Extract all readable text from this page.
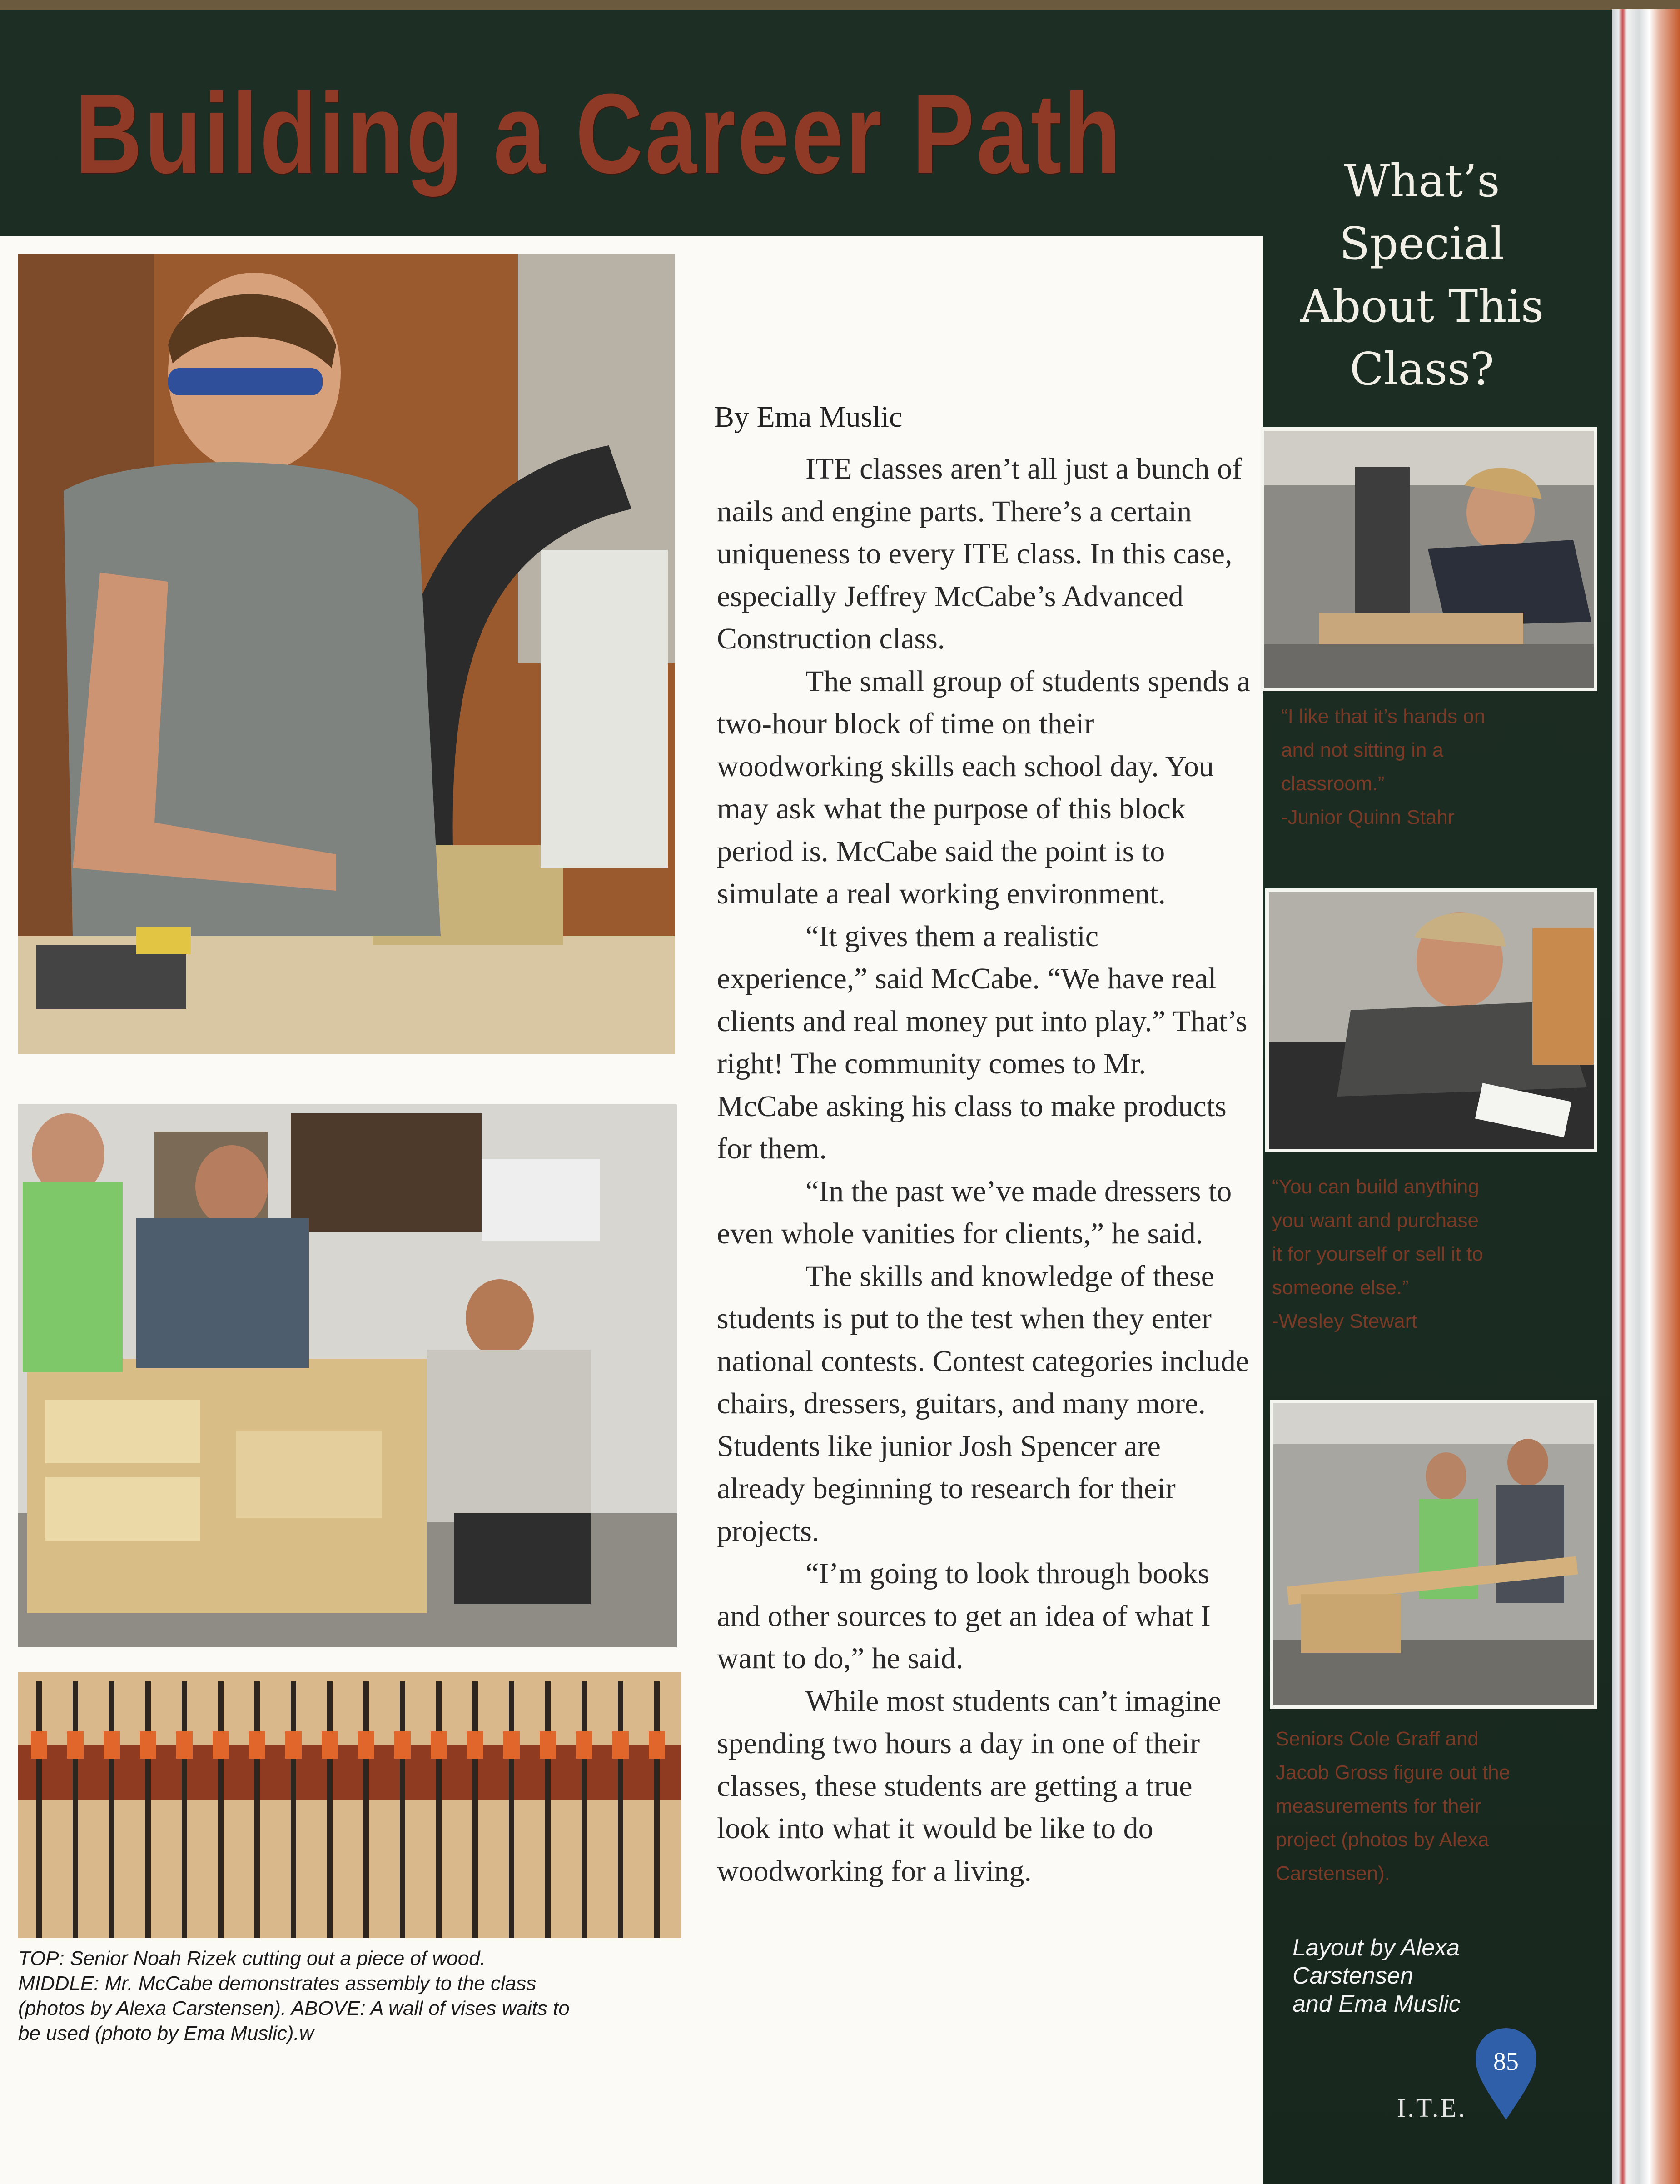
Building a Career Path

TOP: Senior Noah Rizek cutting out a piece of wood.

MIDDLE: Mr. McCabe demonstrates assembly to the class

(photos by Alexa Carstensen). ABOVE: A wall of vises waits to

be used (photo by Ema Muslic).w

By Ema Muslic

ITE classes aren’t all just a bunch of nails and engine parts. There’s a certain uniqueness to every ITE class. In this case, especially Jeffrey McCabe’s Advanced Construction class.

The small group of students spends a two-hour block of time on their woodworking skills each school day. You may ask what the purpose of this block period is. McCabe said the point is to simulate a real working environment.

“It gives them a realistic experience,” said McCabe. “We have real clients and real money put into play.” That’s right! The community comes to Mr. McCabe asking his class to make products for them.

“In the past we’ve made dressers to even whole vanities for clients,” he said.

The skills and knowledge of these students is put to the test when they enter national contests. Contest categories include chairs, dressers, guitars, and many more. Students like junior Josh Spencer are already beginning to research for their projects.

“I’m going to look through books and other sources to get an idea of what I want to do,” he said.

While most students can’t imagine spending two hours a day in one of their classes, these students are getting a true look into what it would be like to do woodworking for a living.

What’s
Special
About This
Class?

“I like that it’s hands on

and not sitting in a

classroom.”

-Junior Quinn Stahr

“You can build anything

you want and purchase

it for yourself or sell it to

someone else.”

-Wesley Stewart

Seniors Cole Graff and

Jacob Gross figure out the

measurements for their

project (photos by Alexa

Carstensen).

Layout by Alexa

Carstensen

and Ema Muslic

I.T.E.
85
